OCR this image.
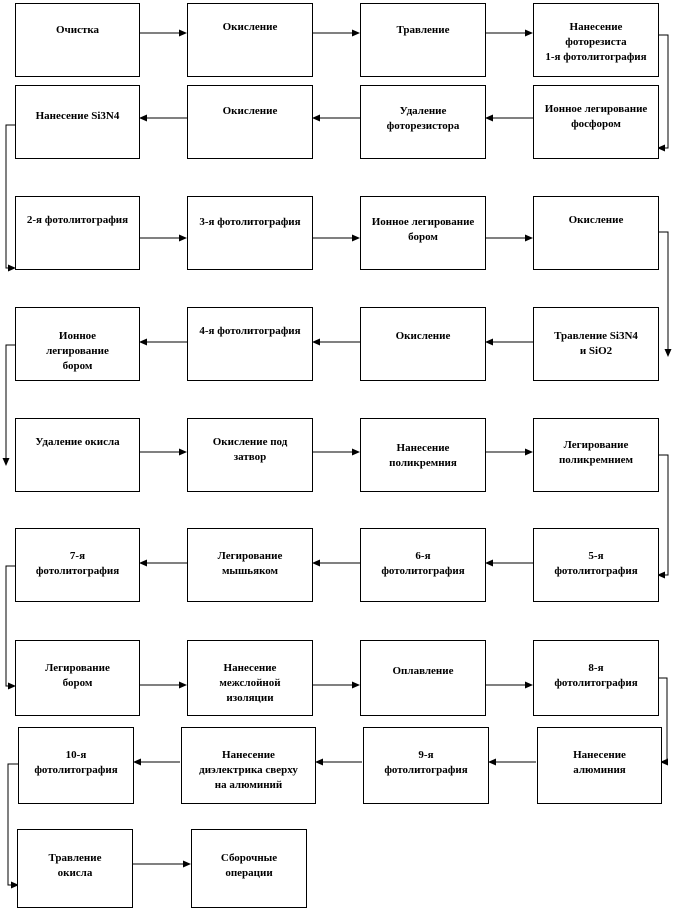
Очистка	Окисление	Травление	Нанесение
фоторезиста
1-я фотолитография
Нанесение Si3N4	Окисление	Удаление
фоторезистора
Ионное легирование
фосфором
2-я фотолитография	3-я фотолитография	Ионное легирование
бором
Окисление
Ионное
легирование
бором
4-я фотолитография	Окисление	Травление Si3N4
и SiO2
Удаление окисла	Окисление под
затвор
Нанесение
поликремния
Легирование
поликремнием
7-я
фотолитография
Легирование
мышьяком
6-я
фотолитография
5-я
фотолитография
Легирование
бором
Нанесение
межслойной
изоляции
Оплавление	8-я
фотолитография
10-я
фотолитография
Нанесение
диэлектрика сверху
на алюминий
9-я
фотолитография
Нанесение
алюминия
Травление
окисла
Сборочные
операции
